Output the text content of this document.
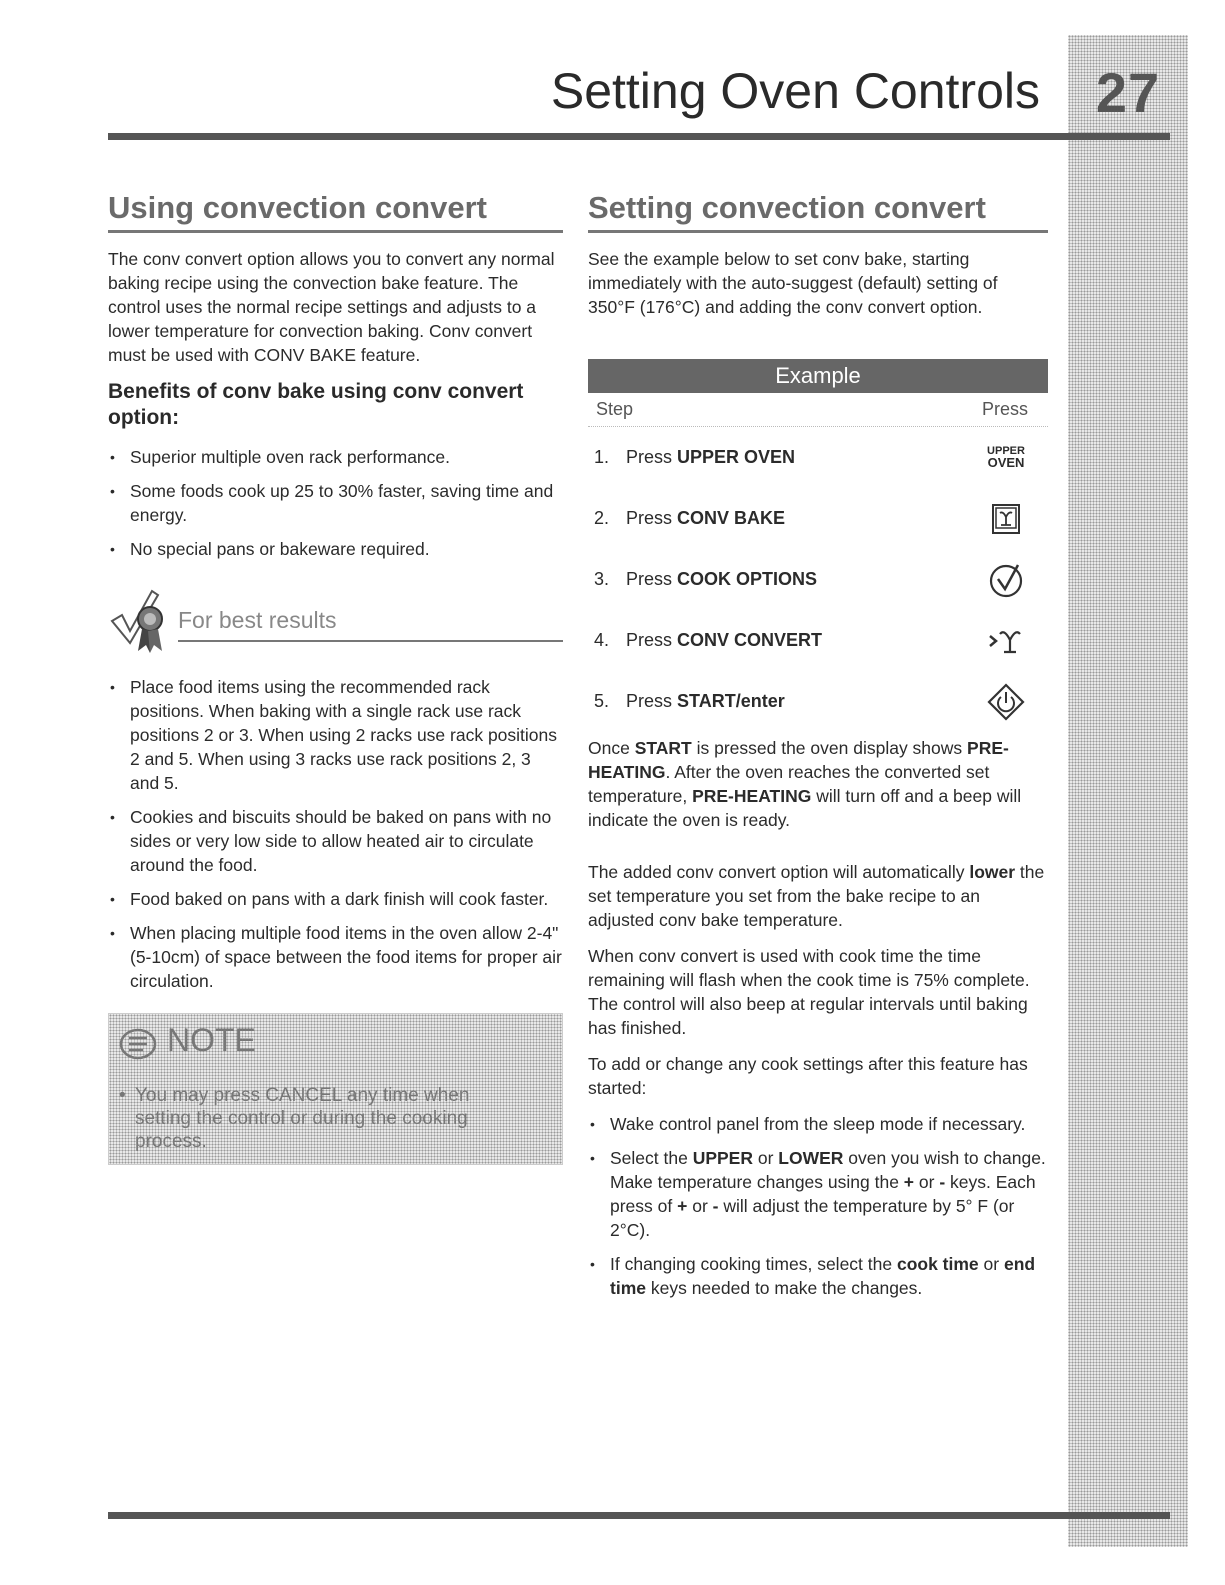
27
Setting Oven Controls
Using convection convert

The conv convert option allows you to convert any normal baking recipe using the convection bake feature. The control uses the normal recipe settings and adjusts to a lower temperature for convection baking. Conv convert must be used with CONV BAKE feature.

Benefits of conv bake using conv convert option:
• Superior multiple oven rack performance.
• Some foods cook up 25 to 30% faster, saving time and energy.
• No special pans or bakeware required.
For best results
• Place food items using the recommended rack positions. When baking with a single rack use rack positions 2 or 3. When using 2 racks use rack positions 2 and 5. When using 3 racks use rack positions 2, 3 and 5.
• Cookies and biscuits should be baked on pans with no sides or very low side to allow heated air to circulate around the food.
• Food baked on pans with a dark finish will cook faster.
• When placing multiple food items in the oven allow 2-4" (5-10cm) of space between the food items for proper air circulation.
NOTE
• You may press CANCEL any time when setting the control or during the cooking process.
Setting convection convert

See the example below to set conv bake, starting immediately with the auto-suggest (default) setting of 350°F (176°C) and adding the conv convert option.

Example
Step	Press
1. Press UPPER OVEN	UPPER
OVEN
2. Press CONV BAKE
3. Press COOK OPTIONS
4. Press CONV CONVERT
5. Press START/enter

Once START is pressed the oven display shows PRE-HEATING. After the oven reaches the converted set temperature, PRE-HEATING will turn off and a beep will indicate the oven is ready.

The added conv convert option will automatically lower the set temperature you set from the bake recipe to an adjusted conv bake temperature.

When conv convert is used with cook time the time remaining will flash when the cook time is 75% complete. The control will also beep at regular intervals until baking has finished.

To add or change any cook settings after this feature has started:

• Wake control panel from the sleep mode if necessary.
• Select the UPPER or LOWER oven you wish to change. Make temperature changes using the + or - keys. Each press of + or - will adjust the temperature by 5° F (or 2°C).
• If changing cooking times, select the cook time or end time keys needed to make the changes.
